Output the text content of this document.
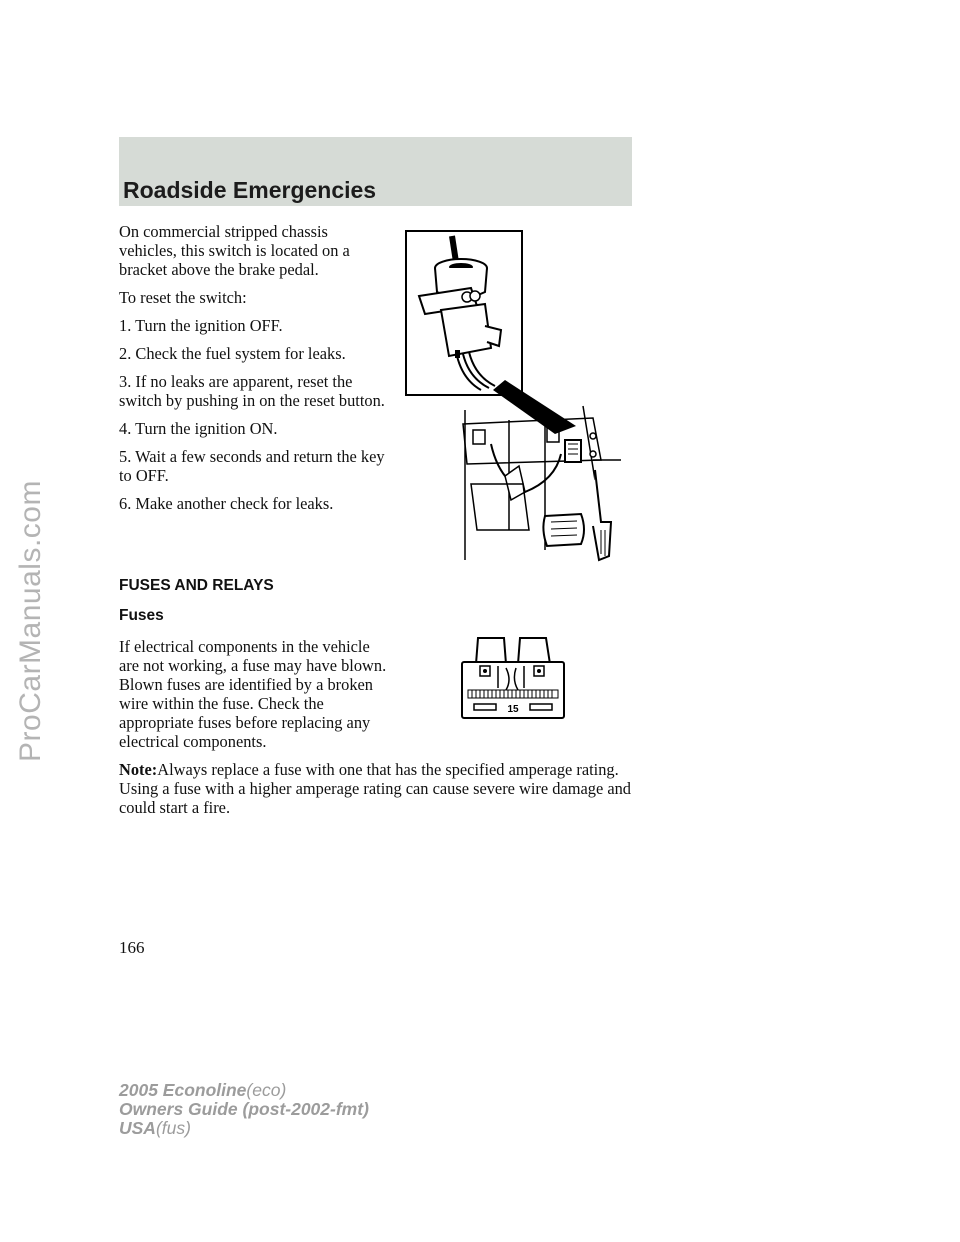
ProCarManuals.com
Roadside Emergencies

On commercial stripped chassis vehicles, this switch is located on a bracket above the brake pedal.

To reset the switch:

1. Turn the ignition OFF.

2. Check the fuel system for leaks.

3. If no leaks are apparent, reset the switch by pushing in on the reset button.

4. Turn the ignition ON.

5. Wait a few seconds and return the key to OFF.

6. Make another check for leaks.

FUSES AND RELAYS
Fuses

If electrical components in the vehicle are not working, a fuse may have blown. Blown fuses are identified by a broken wire within the fuse. Check the appropriate fuses before replacing any electrical components.

Note:Always replace a fuse with one that has the specified amperage rating. Using a fuse with a higher amperage rating can cause severe wire damage and could start a fire.

15
166
2005 Econoline(eco)
Owners Guide (post-2002-fmt)
USA(fus)
